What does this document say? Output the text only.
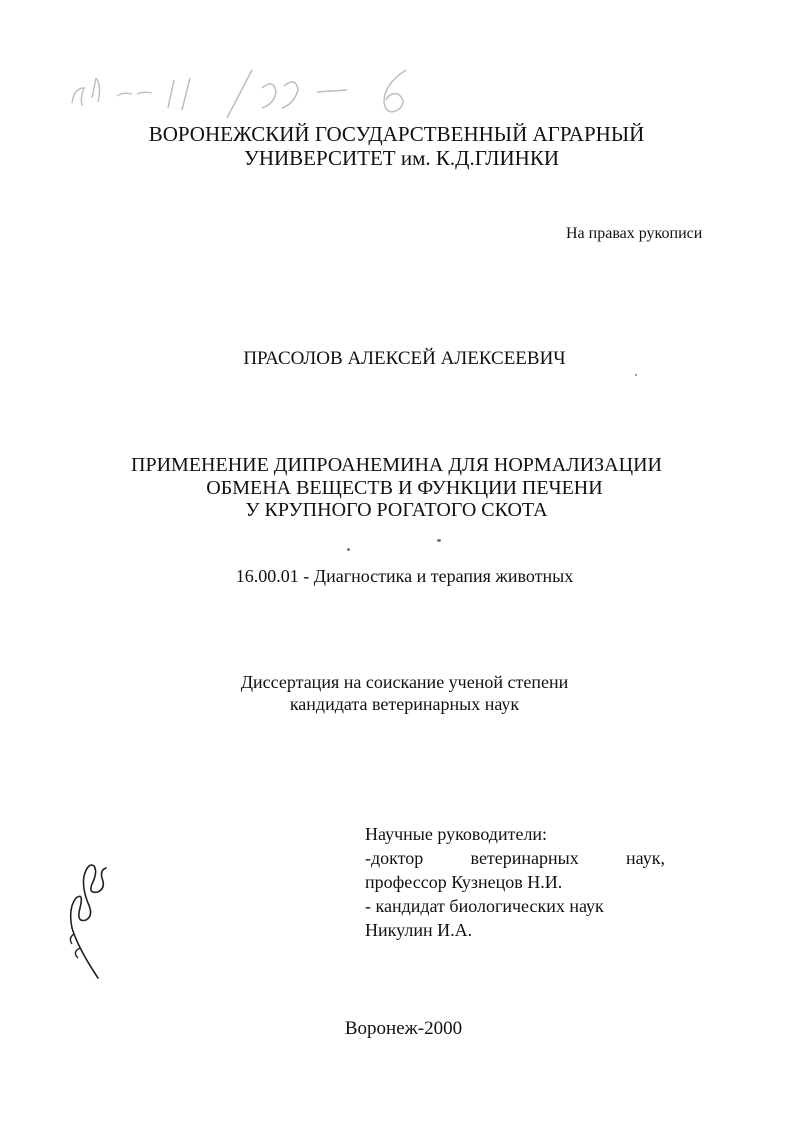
ВОРОНЕЖСКИЙ ГОСУДАРСТВЕННЫЙ АГРАРНЫЙ
УНИВЕРСИТЕТ им. К.Д.ГЛИНКИ
На правах рукописи
ПРАСОЛОВ АЛЕКСЕЙ АЛЕКСЕЕВИЧ
ПРИМЕНЕНИЕ ДИПРОАНЕМИНА ДЛЯ НОРМАЛИЗАЦИИ
ОБМЕНА ВЕЩЕСТВ И ФУНКЦИИ ПЕЧЕНИ
У КРУПНОГО РОГАТОГО СКОТА
16.00.01 - Диагностика и терапия животных
Диссертация на соискание ученой степени
кандидата ветеринарных наук
Научные руководители:
-доктор	ветеринарных	наук,
профессор Кузнецов Н.И.
- кандидат биологических наук
Никулин И.А.
Воронеж-2000
